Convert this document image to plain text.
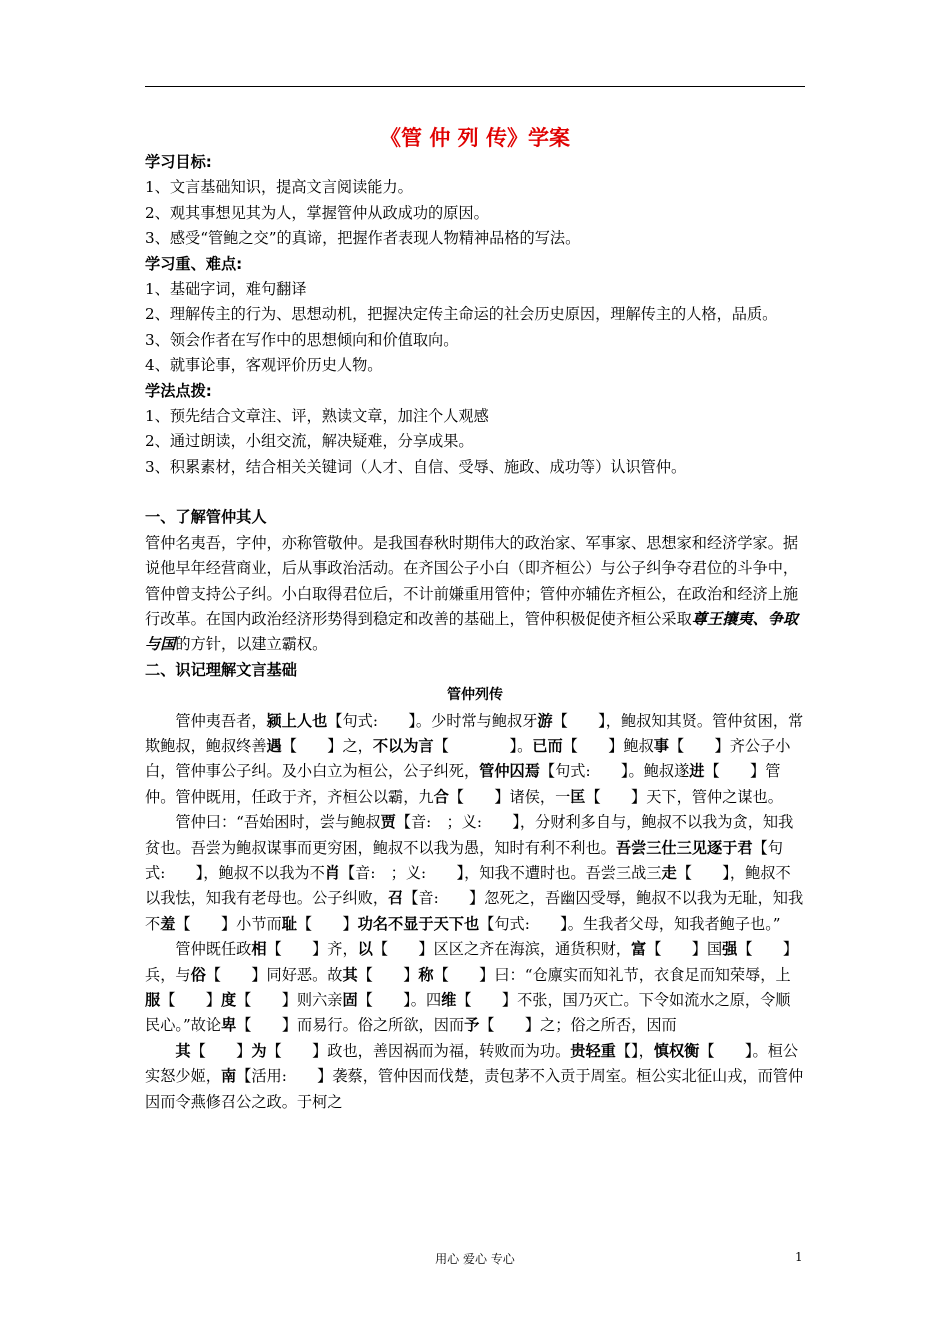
《管 仲 列 传》学案

学习目标:

1、文言基础知识，提高文言阅读能力。

2、观其事想见其为人，掌握管仲从政成功的原因。

3、感受“管鲍之交”的真谛，把握作者表现人物精神品格的写法。

学习重、难点:

1、基础字词，难句翻译

2、理解传主的行为、思想动机，把握决定传主命运的社会历史原因，理解传主的人格，品质。

3、领会作者在写作中的思想倾向和价值取向。

4、就事论事，客观评价历史人物。

学法点拨:

1、预先结合文章注、评，熟读文章，加注个人观感

2、通过朗读，小组交流，解决疑难，分享成果。

3、积累素材，结合相关关键词（人才、自信、受辱、施政、成功等）认识管仲。

一、了解管仲其人

管仲名夷吾，字仲，亦称管敬仲。是我国春秋时期伟大的政治家、军事家、思想家和经济学家。据说他早年经营商业，后从事政治活动。在齐国公子小白（即齐桓公）与公子纠争夺君位的斗争中，管仲曾支持公子纠。小白取得君位后，不计前嫌重用管仲；管仲亦辅佐齐桓公，在政治和经济上施行改革。在国内政治经济形势得到稳定和改善的基础上，管仲积极促使齐桓公采取尊王攘夷、争取与国的方针，以建立霸权。

二、识记理解文言基础

管仲列传

管仲夷吾者，颍上人也【句式:　　】。少时常与鲍叔牙游【　　】，鲍叔知其贤。管仲贫困，常欺鲍叔，鲍叔终善遇【　　】之，不以为言【　　　　】。已而【　　】鲍叔事【　　】齐公子小白，管仲事公子纠。及小白立为桓公，公子纠死，管仲囚焉【句式:　　】。鲍叔遂进【　　】管仲。管仲既用，任政于齐，齐桓公以霸，九合【　　】诸侯，一匡【　　】天下，管仲之谋也。

管仲曰：“吾始困时，尝与鲍叔贾【音:　；义:　　】，分财利多自与，鲍叔不以我为贪，知我贫也。吾尝为鲍叔谋事而更穷困，鲍叔不以我为愚，知时有利不利也。吾尝三仕三见逐于君【句式:　　】，鲍叔不以我为不肖【音:　；义:　　】，知我不遭时也。吾尝三战三走【　　】，鲍叔不以我怯，知我有老母也。公子纠败，召【音:　　】忽死之，吾幽囚受辱，鲍叔不以我为无耻，知我不羞【　　】小节而耻【　　】功名不显于天下也【句式:　　】。生我者父母，知我者鲍子也。”

管仲既任政相【　　】齐，以【　　】区区之齐在海滨，通货积财，富【　　】国强【　　】兵，与俗【　　】同好恶。故其【　　】称【　　】曰：“仓廪实而知礼节，衣食足而知荣辱，上服【　　】度【　　】则六亲固【　　】。四维【　　】不张，国乃灭亡。下令如流水之原，令顺民心。”故论卑【　　】而易行。俗之所欲，因而予【　　】之；俗之所否，因而

其【　　】为【　　】政也，善因祸而为福，转败而为功。贵轻重【】，慎权衡【　　】。桓公实怒少姬，南【活用:　　】袭蔡，管仲因而伐楚，责包茅不入贡于周室。桓公实北征山戎，而管仲因而令燕修召公之政。于柯之

用心 爱心 专心	1
